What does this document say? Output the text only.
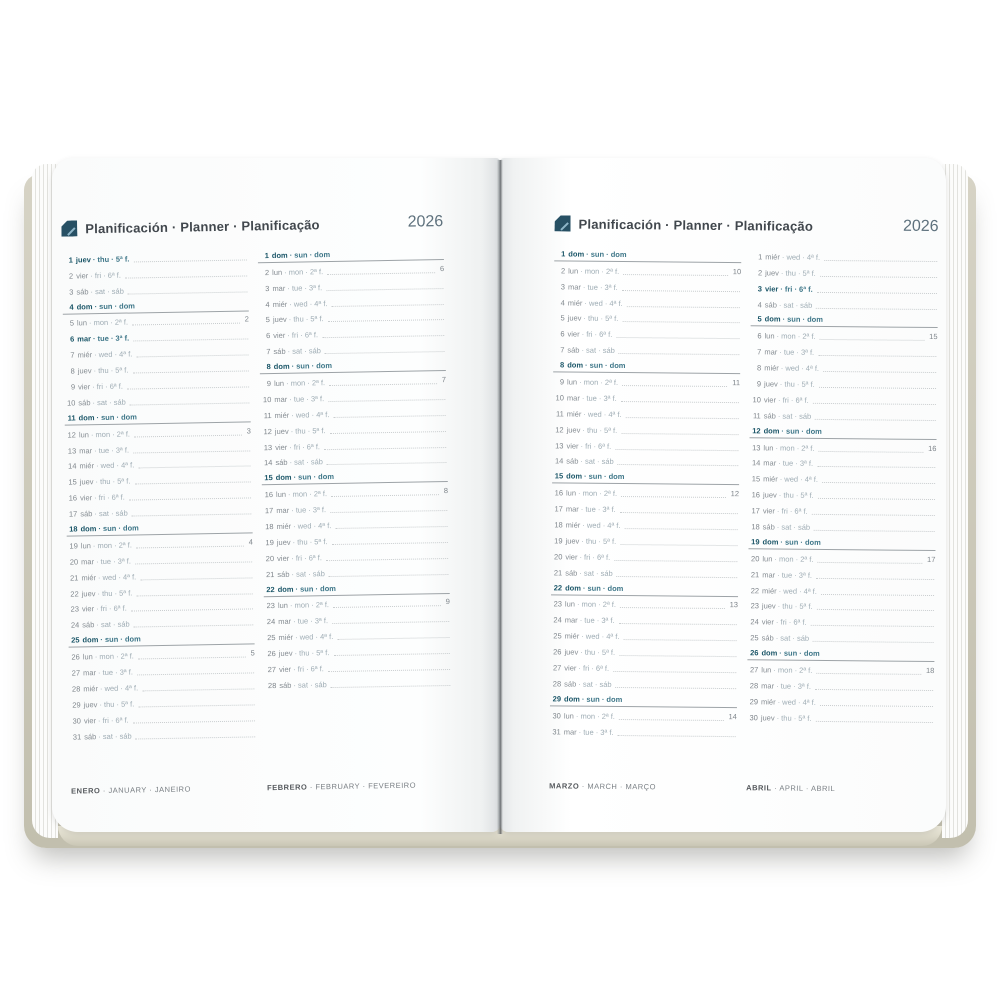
Planificación · Planner · Planificação	2026
1 juev · thu · 5ª f.
2 vier · fri · 6ª f.
3 sáb · sat · sáb
4 dom · sun · dom
5 lun · mon · 2ª f.	2
6 mar · tue · 3ª f.
7 miér · wed · 4ª f.
8 juev · thu · 5ª f.
9 vier · fri · 6ª f.
10 sáb · sat · sáb
11 dom · sun · dom
12 lun · mon · 2ª f.	3
13 mar · tue · 3ª f.
14 miér · wed · 4ª f.
15 juev · thu · 5ª f.
16 vier · fri · 6ª f.
17 sáb · sat · sáb
18 dom · sun · dom
19 lun · mon · 2ª f.	4
20 mar · tue · 3ª f.
21 miér · wed · 4ª f.
22 juev · thu · 5ª f.
23 vier · fri · 6ª f.
24 sáb · sat · sáb
25 dom · sun · dom
26 lun · mon · 2ª f.	5
27 mar · tue · 3ª f.
28 miér · wed · 4ª f.
29 juev · thu · 5ª f.
30 vier · fri · 6ª f.
31 sáb · sat · sáb
ENERO · JANUARY · JANEIRO
1 dom · sun · dom
2 lun · mon · 2ª f.	6
3 mar · tue · 3ª f.
4 miér · wed · 4ª f.
5 juev · thu · 5ª f.
6 vier · fri · 6ª f.
7 sáb · sat · sáb
8 dom · sun · dom
9 lun · mon · 2ª f.	7
10 mar · tue · 3ª f.
11 miér · wed · 4ª f.
12 juev · thu · 5ª f.
13 vier · fri · 6ª f.
14 sáb · sat · sáb
15 dom · sun · dom
16 lun · mon · 2ª f.	8
17 mar · tue · 3ª f.
18 miér · wed · 4ª f.
19 juev · thu · 5ª f.
20 vier · fri · 6ª f.
21 sáb · sat · sáb
22 dom · sun · dom
23 lun · mon · 2ª f.	9
24 mar · tue · 3ª f.
25 miér · wed · 4ª f.
26 juev · thu · 5ª f.
27 vier · fri · 6ª f.
28 sáb · sat · sáb
FEBRERO · FEBRUARY · FEVEREIRO
Planificación · Planner · Planificação	2026
1 dom · sun · dom
2 lun · mon · 2ª f.	10
3 mar · tue · 3ª f.
4 miér · wed · 4ª f.
5 juev · thu · 5ª f.
6 vier · fri · 6ª f.
7 sáb · sat · sáb
8 dom · sun · dom
9 lun · mon · 2ª f.	11
10 mar · tue · 3ª f.
11 miér · wed · 4ª f.
12 juev · thu · 5ª f.
13 vier · fri · 6ª f.
14 sáb · sat · sáb
15 dom · sun · dom
16 lun · mon · 2ª f.	12
17 mar · tue · 3ª f.
18 miér · wed · 4ª f.
19 juev · thu · 5ª f.
20 vier · fri · 6ª f.
21 sáb · sat · sáb
22 dom · sun · dom
23 lun · mon · 2ª f.	13
24 mar · tue · 3ª f.
25 miér · wed · 4ª f.
26 juev · thu · 5ª f.
27 vier · fri · 6ª f.
28 sáb · sat · sáb
29 dom · sun · dom
30 lun · mon · 2ª f.	14
31 mar · tue · 3ª f.
MARZO · MARCH · MARÇO
1 miér · wed · 4ª f.
2 juev · thu · 5ª f.
3 vier · fri · 6ª f.
4 sáb · sat · sáb
5 dom · sun · dom
6 lun · mon · 2ª f.	15
7 mar · tue · 3ª f.
8 miér · wed · 4ª f.
9 juev · thu · 5ª f.
10 vier · fri · 6ª f.
11 sáb · sat · sáb
12 dom · sun · dom
13 lun · mon · 2ª f.	16
14 mar · tue · 3ª f.
15 miér · wed · 4ª f.
16 juev · thu · 5ª f.
17 vier · fri · 6ª f.
18 sáb · sat · sáb
19 dom · sun · dom
20 lun · mon · 2ª f.	17
21 mar · tue · 3ª f.
22 miér · wed · 4ª f.
23 juev · thu · 5ª f.
24 vier · fri · 6ª f.
25 sáb · sat · sáb
26 dom · sun · dom
27 lun · mon · 2ª f.	18
28 mar · tue · 3ª f.
29 miér · wed · 4ª f.
30 juev · thu · 5ª f.
ABRIL · APRIL · ABRIL
